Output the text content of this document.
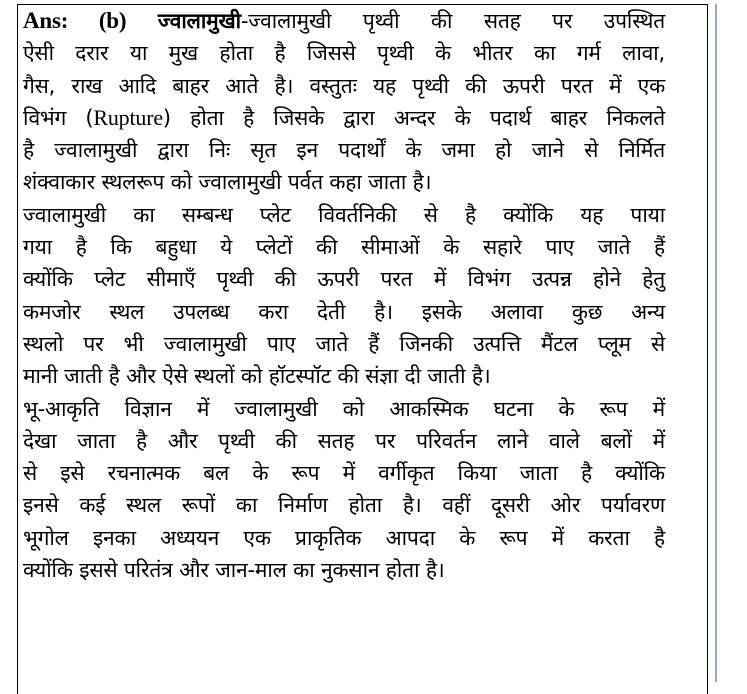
Ans: (b) ज्वालामुखी-ज्वालामुखी पृथ्वी की सतह पर उपस्थित
ऐसी दरार या मुख होता है जिससे पृथ्वी के भीतर का गर्म लावा,
गैस, राख आदि बाहर आते है। वस्तुतः यह पृथ्वी की ऊपरी परत में एक
विभंग (Rupture) होता है जिसके द्वारा अन्दर के पदार्थ बाहर निकलते
है ज्वालामुखी द्वारा निः सृत इन पदार्थों के जमा हो जाने से निर्मित
शंक्वाकार स्थलरूप को ज्वालामुखी पर्वत कहा जाता है।
ज्वालामुखी का सम्बन्ध प्लेट विवर्तनिकी से है क्योंकि यह पाया
गया है कि बहुधा ये प्लेटों की सीमाओं के सहारे पाए जाते हैं
क्योंकि प्लेट सीमाएँ पृथ्वी की ऊपरी परत में विभंग उत्पन्न होने हेतु
कमजोर स्थल उपलब्ध करा देती है। इसके अलावा कुछ अन्य
स्थलो पर भी ज्वालामुखी पाए जाते हैं जिनकी उत्पत्ति मैंटल प्लूम से
मानी जाती है और ऐसे स्थलों को हॉटस्पॉट की संज्ञा दी जाती है।
भू-आकृति विज्ञान में ज्वालामुखी को आकस्मिक घटना के रूप में
देखा जाता है और पृथ्वी की सतह पर परिवर्तन लाने वाले बलों में
से इसे रचनात्मक बल के रूप में वर्गीकृत किया जाता है क्योंकि
इनसे कई स्थल रूपों का निर्माण होता है। वहीं दूसरी ओर पर्यावरण
भूगोल इनका अध्ययन एक प्राकृतिक आपदा के रूप में करता है
क्योंकि इससे परितंत्र और जान-माल का नुकसान होता है।
